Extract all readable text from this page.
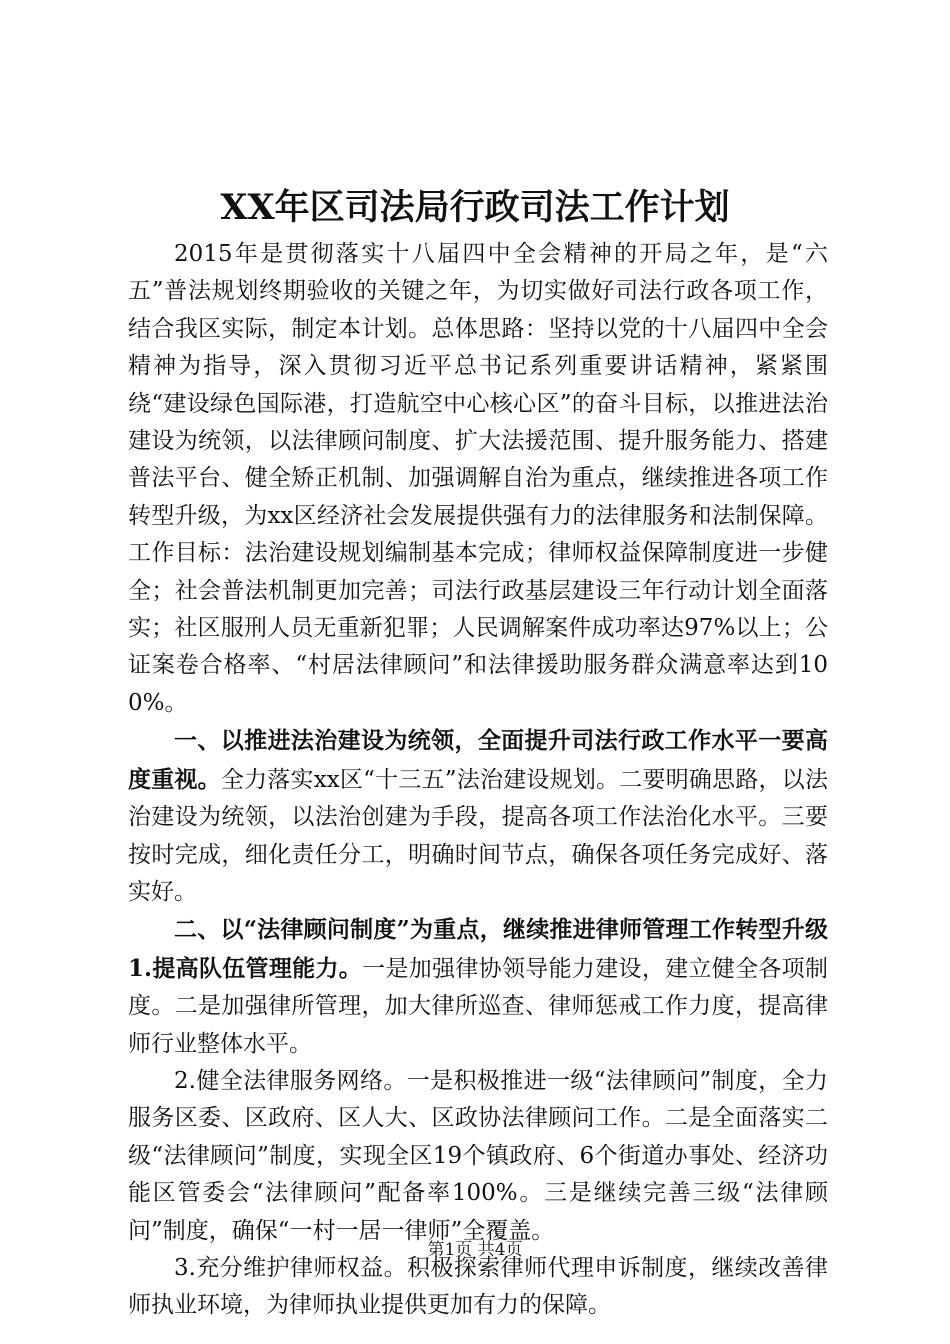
XX年区司法局行政司法工作计划

2015年是贯彻落实十八届四中全会精神的开局之年，是“六五”普法规划终期验收的关键之年，为切实做好司法行政各项工作，结合我区实际，制定本计划。总体思路：坚持以党的十八届四中全会精神为指导，深入贯彻习近平总书记系列重要讲话精神，紧紧围绕“建设绿色国际港，打造航空中心核心区”的奋斗目标，以推进法治建设为统领，以法律顾问制度、扩大法援范围、提升服务能力、搭建普法平台、健全矫正机制、加强调解自治为重点，继续推进各项工作转型升级，为xx区经济社会发展提供强有力的法律服务和法制保障。工作目标：法治建设规划编制基本完成；律师权益保障制度进一步健全；社会普法机制更加完善；司法行政基层建设三年行动计划全面落实；社区服刑人员无重新犯罪；人民调解案件成功率达97%以上；公证案卷合格率、“村居法律顾问”和法律援助服务群众满意率达到100%。

一、以推进法治建设为统领，全面提升司法行政工作水平一要高度重视。全力落实xx区“十三五”法治建设规划。二要明确思路，以法治建设为统领，以法治创建为手段，提高各项工作法治化水平。三要按时完成，细化责任分工，明确时间节点，确保各项任务完成好、落实好。

二、以“法律顾问制度”为重点，继续推进律师管理工作转型升级1.提高队伍管理能力。一是加强律协领导能力建设，建立健全各项制度。二是加强律所管理，加大律所巡查、律师惩戒工作力度，提高律师行业整体水平。

2.健全法律服务网络。一是积极推进一级“法律顾问”制度，全力服务区委、区政府、区人大、区政协法律顾问工作。二是全面落实二级“法律顾问”制度，实现全区19个镇政府、6个街道办事处、经济功能区管委会“法律顾问”配备率100%。三是继续完善三级“法律顾问”制度，确保“一村一居一律师”全覆盖。

3.充分维护律师权益。积极探索律师代理申诉制度，继续改善律师执业环境，为律师执业提供更加有力的保障。

第1页 共4页
